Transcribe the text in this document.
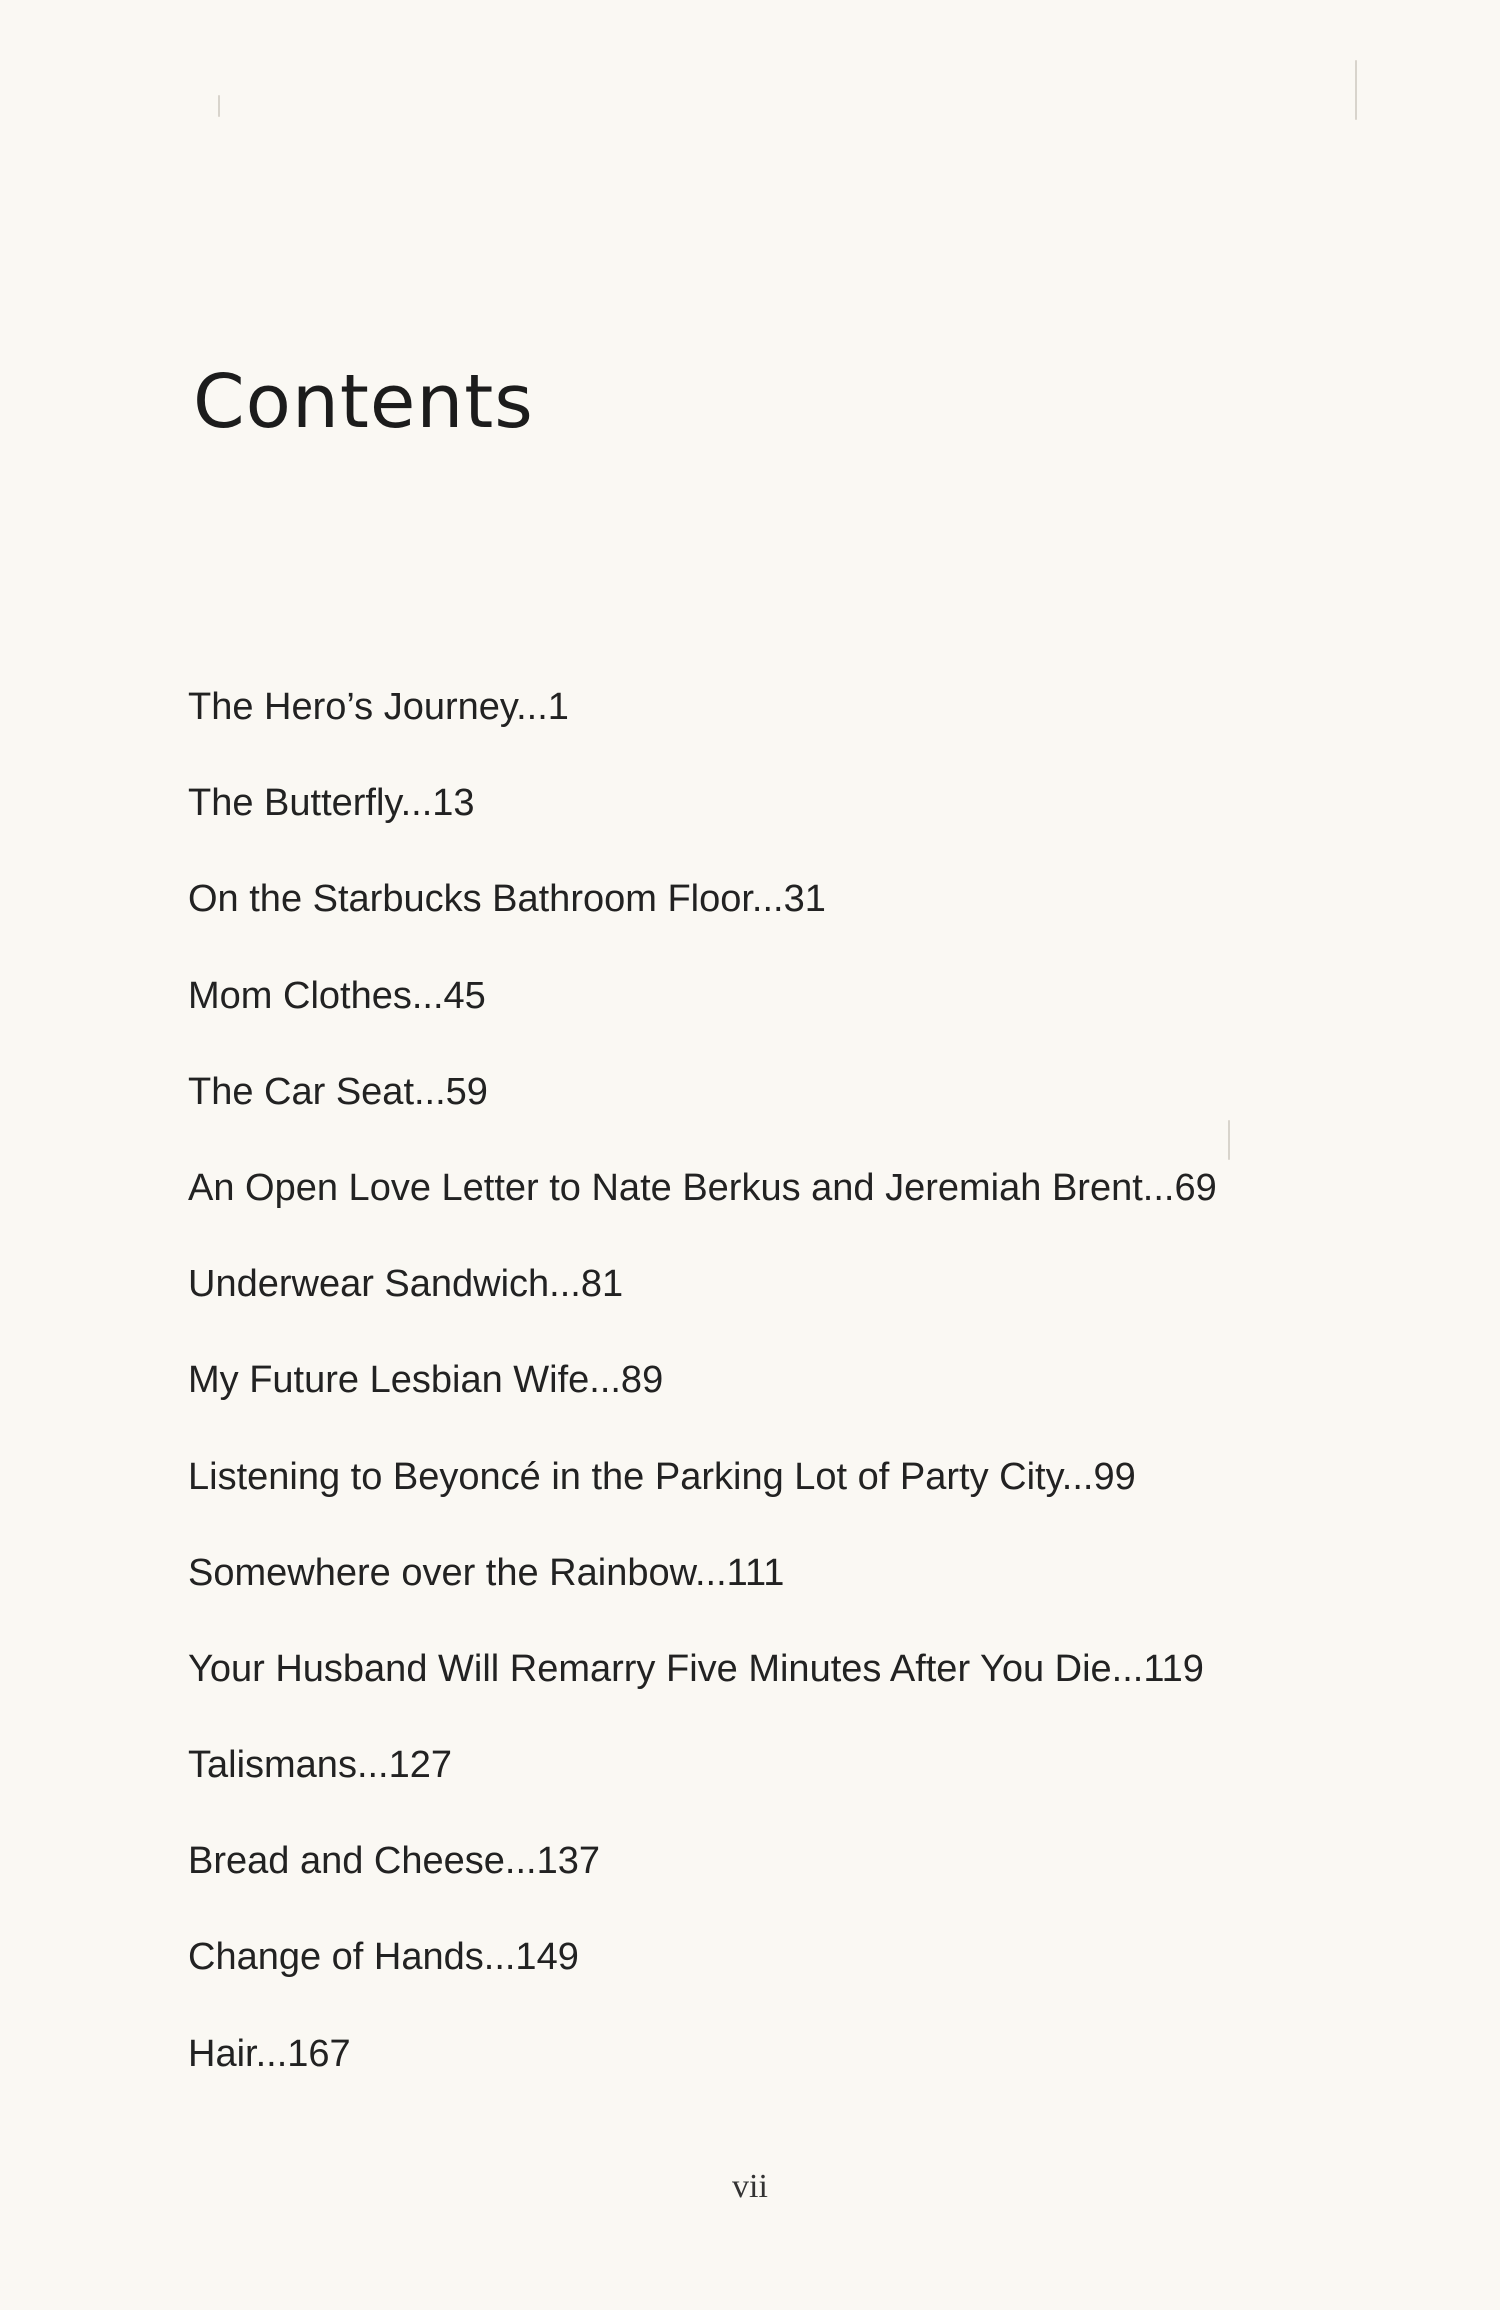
Contents
The Hero’s Journey...1
The Butterfly...13
On the Starbucks Bathroom Floor...31
Mom Clothes...45
The Car Seat...59
An Open Love Letter to Nate Berkus and Jeremiah Brent...69
Underwear Sandwich...81
My Future Lesbian Wife...89
Listening to Beyoncé in the Parking Lot of Party City...99
Somewhere over the Rainbow...111
Your Husband Will Remarry Five Minutes After You Die...119
Talismans...127
Bread and Cheese...137
Change of Hands...149
Hair...167

vii
